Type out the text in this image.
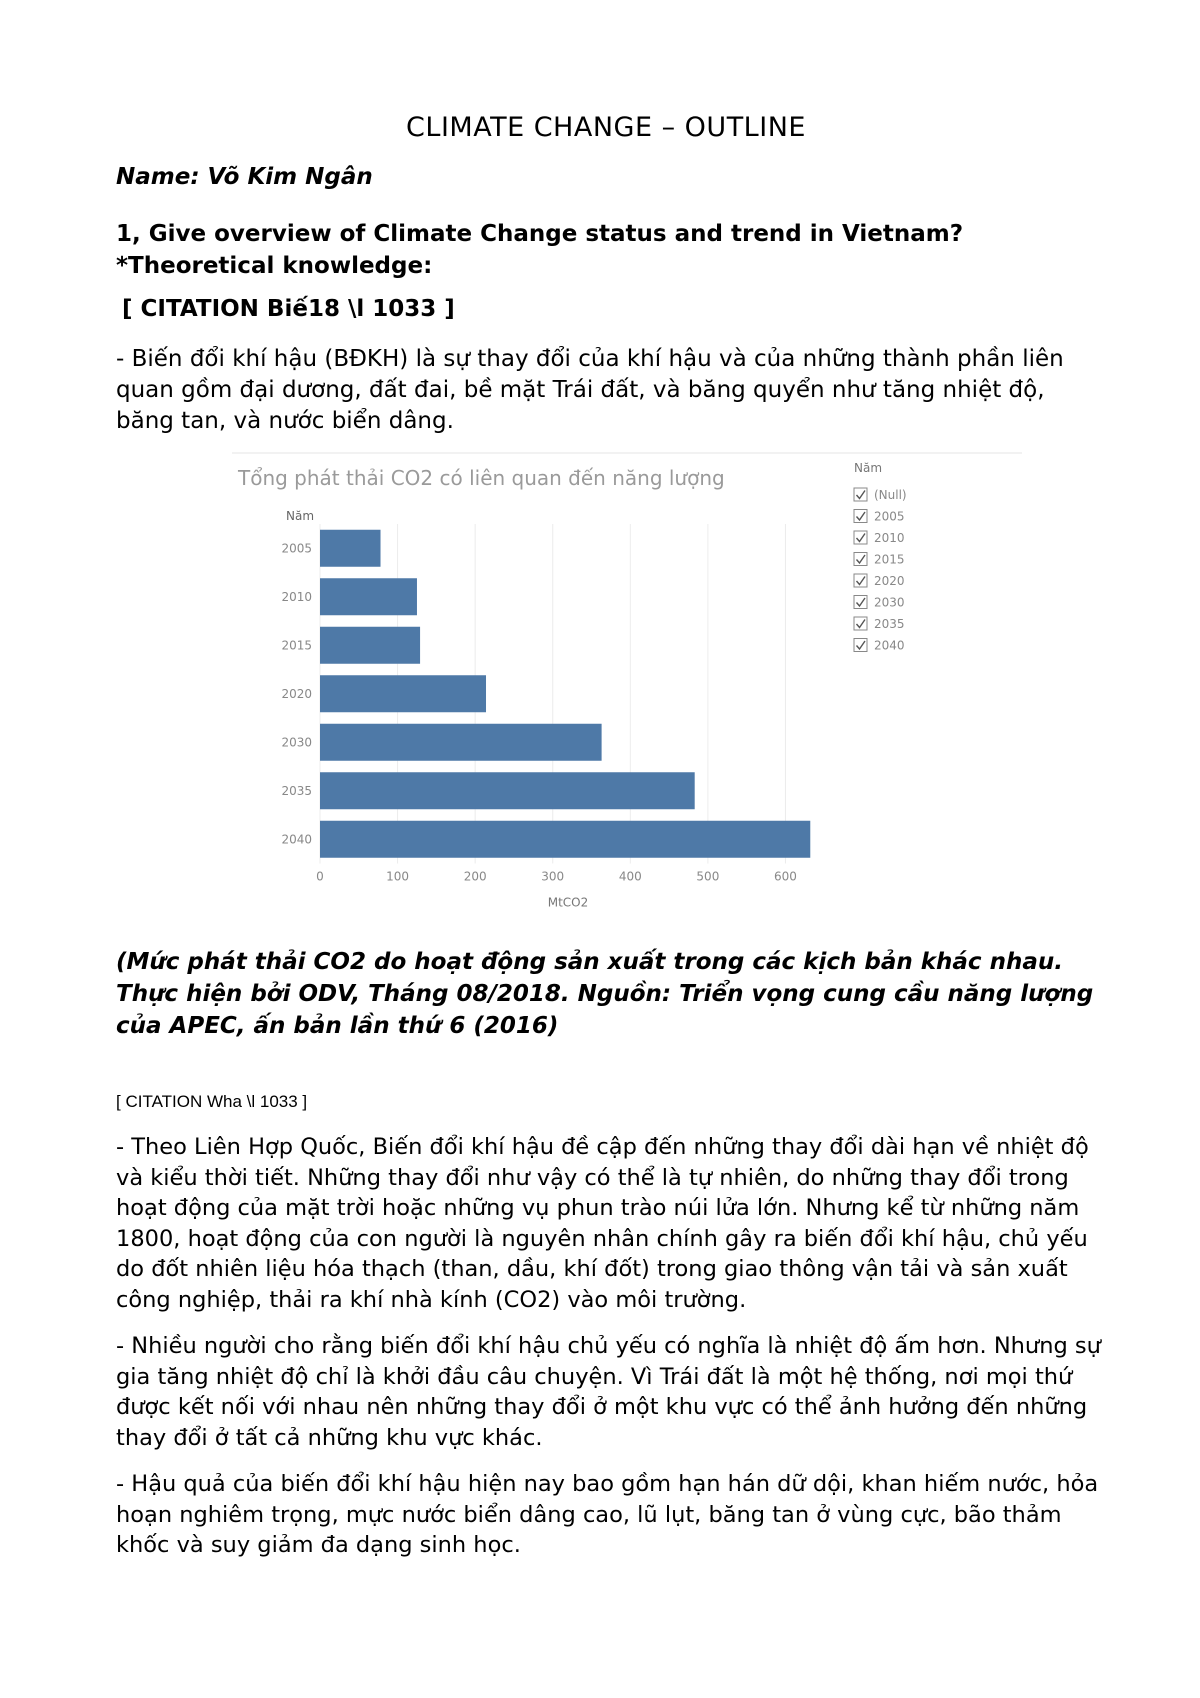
CLIMATE CHANGE – OUTLINE
Name: Võ Kim Ngân
1, Give overview of Climate Change status and trend in Vietnam?
*Theoretical knowledge:
[ CITATION Biế18 \l 1033 ]
- Biến đổi khí hậu (BĐKH) là sự thay đổi của khí hậu và của những thành phần liên quan gồm đại dương, đất đai, bề mặt Trái đất, và băng quyển như tăng nhiệt độ, băng tan, và nước biển dâng.
Tổng phát thải CO2 có liên quan đến năng lượng
Năm
2005
2010
2015
2020
2030
2035
2040
0	100	200	300	400	500	600
MtCO2
Năm
(Null)
2005
2010
2015
2020
2030
2035
2040
(Mức phát thải CO2 do hoạt động sản xuất trong các kịch bản khác nhau. Thực hiện bởi ODV, Tháng 08/2018. Nguồn: Triển vọng cung cầu năng lượng của APEC, ấn bản lần thứ 6 (2016)
[ CITATION Wha \l 1033 ]

- Theo Liên Hợp Quốc, Biến đổi khí hậu đề cập đến những thay đổi dài hạn về nhiệt độ và kiểu thời tiết. Những thay đổi như vậy có thể là tự nhiên, do những thay đổi trong hoạt động của mặt trời hoặc những vụ phun trào núi lửa lớn. Nhưng kể từ những năm 1800, hoạt động của con người là nguyên nhân chính gây ra biến đổi khí hậu, chủ yếu do đốt nhiên liệu hóa thạch (than, dầu, khí đốt) trong giao thông vận tải và sản xuất công nghiệp, thải ra khí nhà kính (CO2) vào môi trường.

- Nhiều người cho rằng biến đổi khí hậu chủ yếu có nghĩa là nhiệt độ ấm hơn. Nhưng sự gia tăng nhiệt độ chỉ là khởi đầu câu chuyện. Vì Trái đất là một hệ thống, nơi mọi thứ được kết nối với nhau nên những thay đổi ở một khu vực có thể ảnh hưởng đến những thay đổi ở tất cả những khu vực khác.

- Hậu quả của biến đổi khí hậu hiện nay bao gồm hạn hán dữ dội, khan hiếm nước, hỏa hoạn nghiêm trọng, mực nước biển dâng cao, lũ lụt, băng tan ở vùng cực, bão thảm khốc và suy giảm đa dạng sinh học.
